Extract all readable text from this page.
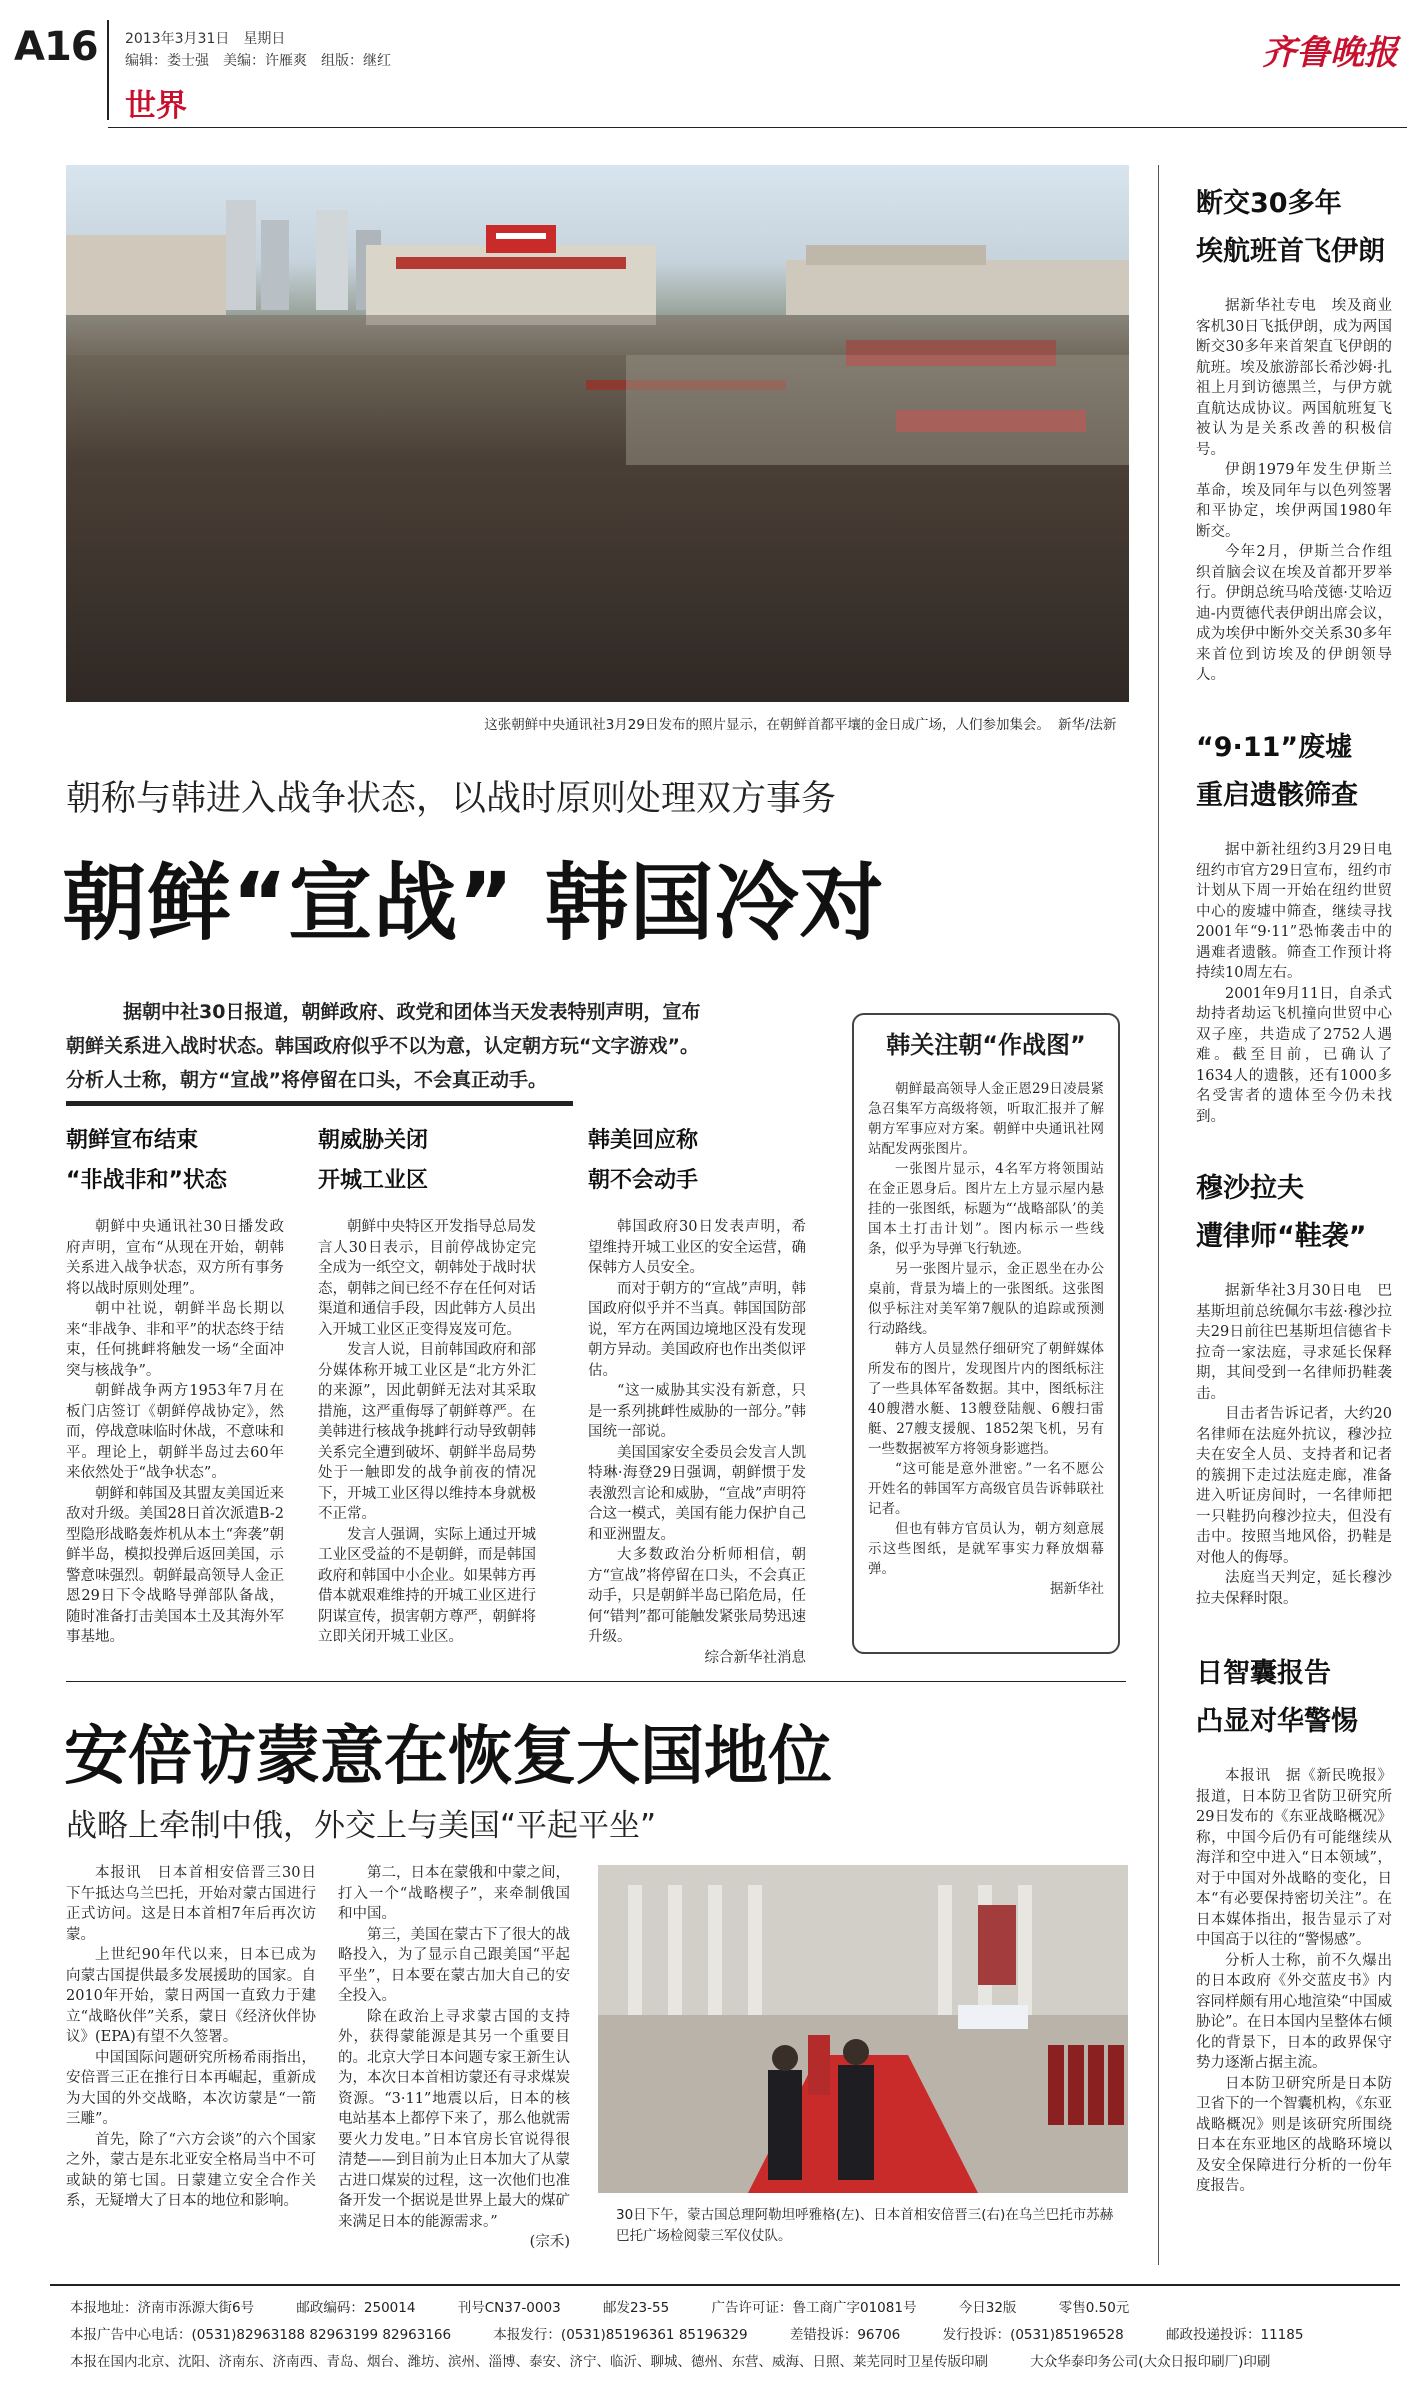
A16 2013年3月31日　星期日
编辑：娄士强　美编：许雁爽　组版：继红
世界
齐鲁晚报
这张朝鲜中央通讯社3月29日发布的照片显示，在朝鲜首都平壤的金日成广场，人们参加集会。 新华/法新
朝称与韩进入战争状态，以战时原则处理双方事务
朝鲜“宣战” 韩国冷对
据朝中社30日报道，朝鲜政府、政党和团体当天发表特别声明，宣布朝鲜关系进入战时状态。韩国政府似乎不以为意，认定朝方玩“文字游戏”。分析人士称，朝方“宣战”将停留在口头，不会真正动手。
朝鲜宣布结束
“非战非和”状态

朝鲜中央通讯社30日播发政府声明，宣布“从现在开始，朝韩关系进入战争状态，双方所有事务将以战时原则处理”。

朝中社说，朝鲜半岛长期以来“非战争、非和平”的状态终于结束，任何挑衅将触发一场“全面冲突与核战争”。

朝鲜战争两方1953年7月在板门店签订《朝鲜停战协定》，然而，停战意味临时休战，不意味和平。理论上，朝鲜半岛过去60年来依然处于“战争状态”。

朝鲜和韩国及其盟友美国近来敌对升级。美国28日首次派遣B-2型隐形战略轰炸机从本土“奔袭”朝鲜半岛，模拟投弹后返回美国，示警意味强烈。朝鲜最高领导人金正恩29日下令战略导弹部队备战，随时准备打击美国本土及其海外军事基地。

朝威胁关闭
开城工业区

朝鲜中央特区开发指导总局发言人30日表示，目前停战协定完全成为一纸空文，朝韩处于战时状态，朝韩之间已经不存在任何对话渠道和通信手段，因此韩方人员出入开城工业区正变得岌岌可危。

发言人说，目前韩国政府和部分媒体称开城工业区是“北方外汇的来源”，因此朝鲜无法对其采取措施，这严重侮辱了朝鲜尊严。在美韩进行核战争挑衅行动导致朝韩关系完全遭到破坏、朝鲜半岛局势处于一触即发的战争前夜的情况下，开城工业区得以维持本身就极不正常。

发言人强调，实际上通过开城工业区受益的不是朝鲜，而是韩国政府和韩国中小企业。如果韩方再借本就艰难维持的开城工业区进行阴谋宣传，损害朝方尊严，朝鲜将立即关闭开城工业区。

韩美回应称
朝不会动手

韩国政府30日发表声明，希望维持开城工业区的安全运营，确保韩方人员安全。

而对于朝方的“宣战”声明，韩国政府似乎并不当真。韩国国防部说，军方在两国边境地区没有发现朝方异动。美国政府也作出类似评估。

“这一威胁其实没有新意，只是一系列挑衅性威胁的一部分。”韩国统一部说。

美国国家安全委员会发言人凯特琳·海登29日强调，朝鲜惯于发表激烈言论和威胁，“宣战”声明符合这一模式，美国有能力保护自己和亚洲盟友。

大多数政治分析师相信，朝方“宣战”将停留在口头，不会真正动手，只是朝鲜半岛已陷危局，任何“错判”都可能触发紧张局势迅速升级。

综合新华社消息
韩关注朝“作战图”

朝鲜最高领导人金正恩29日凌晨紧急召集军方高级将领，听取汇报并了解朝方军事应对方案。朝鲜中央通讯社网站配发两张图片。

一张图片显示，4名军方将领围站在金正恩身后。图片左上方显示屋内悬挂的一张图纸，标题为“‘战略部队’的美国本土打击计划”。图内标示一些线条，似乎为导弹飞行轨迹。

另一张图片显示，金正恩坐在办公桌前，背景为墙上的一张图纸。这张图似乎标注对美军第7舰队的追踪或预测行动路线。

韩方人员显然仔细研究了朝鲜媒体所发布的图片，发现图片内的图纸标注了一些具体军备数据。其中，图纸标注40艘潜水艇、13艘登陆舰、6艘扫雷艇、27艘支援舰、1852架飞机，另有一些数据被军方将领身影遮挡。

“这可能是意外泄密。”一名不愿公开姓名的韩国军方高级官员告诉韩联社记者。

但也有韩方官员认为，朝方刻意展示这些图纸，是就军事实力释放烟幕弹。

据新华社
安倍访蒙意在恢复大国地位
战略上牵制中俄，外交上与美国“平起平坐”

本报讯　日本首相安倍晋三30日下午抵达乌兰巴托，开始对蒙古国进行正式访问。这是日本首相7年后再次访蒙。

上世纪90年代以来，日本已成为向蒙古国提供最多发展援助的国家。自2010年开始，蒙日两国一直致力于建立“战略伙伴”关系，蒙日《经济伙伴协议》(EPA)有望不久签署。

中国国际问题研究所杨希雨指出，安倍晋三正在推行日本再崛起，重新成为大国的外交战略，本次访蒙是“一箭三雕”。

首先，除了“六方会谈”的六个国家之外，蒙古是东北亚安全格局当中不可或缺的第七国。日蒙建立安全合作关系，无疑增大了日本的地位和影响。

第二，日本在蒙俄和中蒙之间，打入一个“战略楔子”，来牵制俄国和中国。

第三，美国在蒙古下了很大的战略投入，为了显示自己跟美国“平起平坐”，日本要在蒙古加大自己的安全投入。

除在政治上寻求蒙古国的支持外，获得蒙能源是其另一个重要目的。北京大学日本问题专家王新生认为，本次日本首相访蒙还有寻求煤炭资源。“3·11”地震以后，日本的核电站基本上都停下来了，那么他就需要火力发电。”日本官房长官说得很清楚——到目前为止日本加大了从蒙古进口煤炭的过程，这一次他们也准备开发一个据说是世界上最大的煤矿来满足日本的能源需求。”

(宗禾)
30日下午，蒙古国总理阿勒坦呼雅格(左)、日本首相安倍晋三(右)在乌兰巴托市苏赫巴托广场检阅蒙三军仪仗队。
断交30多年
埃航班首飞伊朗

据新华社专电　埃及商业客机30日飞抵伊朗，成为两国断交30多年来首架直飞伊朗的航班。埃及旅游部长希沙姆·扎祖上月到访德黑兰，与伊方就直航达成协议。两国航班复飞被认为是关系改善的积极信号。

伊朗1979年发生伊斯兰革命，埃及同年与以色列签署和平协定，埃伊两国1980年断交。

今年2月，伊斯兰合作组织首脑会议在埃及首都开罗举行。伊朗总统马哈茂德·艾哈迈迪-内贾德代表伊朗出席会议，成为埃伊中断外交关系30多年来首位到访埃及的伊朗领导人。

“9·11”废墟
重启遗骸筛查

据中新社纽约3月29日电　纽约市官方29日宣布，纽约市计划从下周一开始在纽约世贸中心的废墟中筛查，继续寻找2001年“9·11”恐怖袭击中的遇难者遗骸。筛查工作预计将持续10周左右。

2001年9月11日，自杀式劫持者劫运飞机撞向世贸中心双子座，共造成了2752人遇难。截至目前，已确认了1634人的遗骸，还有1000多名受害者的遗体至今仍未找到。

穆沙拉夫
遭律师“鞋袭”

据新华社3月30日电　巴基斯坦前总统佩尔韦兹·穆沙拉夫29日前往巴基斯坦信德省卡拉奇一家法庭，寻求延长保释期，其间受到一名律师扔鞋袭击。

目击者告诉记者，大约20名律师在法庭外抗议，穆沙拉夫在安全人员、支持者和记者的簇拥下走过法庭走廊，准备进入听证房间时，一名律师把一只鞋扔向穆沙拉夫，但没有击中。按照当地风俗，扔鞋是对他人的侮辱。

法庭当天判定，延长穆沙拉夫保释时限。

日智囊报告
凸显对华警惕

本报讯　据《新民晚报》报道，日本防卫省防卫研究所29日发布的《东亚战略概况》称，中国今后仍有可能继续从海洋和空中进入“日本领域”，对于中国对外战略的变化，日本“有必要保持密切关注”。在日本媒体指出，报告显示了对中国高于以往的“警惕感”。

分析人士称，前不久爆出的日本政府《外交蓝皮书》内容同样颇有用心地渲染“中国威胁论”。在日本国内呈整体右倾化的背景下，日本的政界保守势力逐渐占据主流。

日本防卫研究所是日本防卫省下的一个智囊机构，《东亚战略概况》则是该研究所围绕日本在东亚地区的战略环境以及安全保障进行分析的一份年度报告。

本报地址：济南市泺源大街6号	邮政编码：250014	刊号CN37-0003	邮发23-55	广告许可证：鲁工商广字01081号	今日32版	零售0.50元
本报广告中心电话：(0531)82963188 82963199 82963166	本报发行：(0531)85196361 85196329	差错投诉：96706	发行投诉：(0531)85196528	邮政投递投诉：11185
本报在国内北京、沈阳、济南东、济南西、青岛、烟台、潍坊、滨州、淄博、泰安、济宁、临沂、聊城、德州、东营、威海、日照、莱芜同时卫星传版印刷	大众华泰印务公司(大众日报印刷厂)印刷
